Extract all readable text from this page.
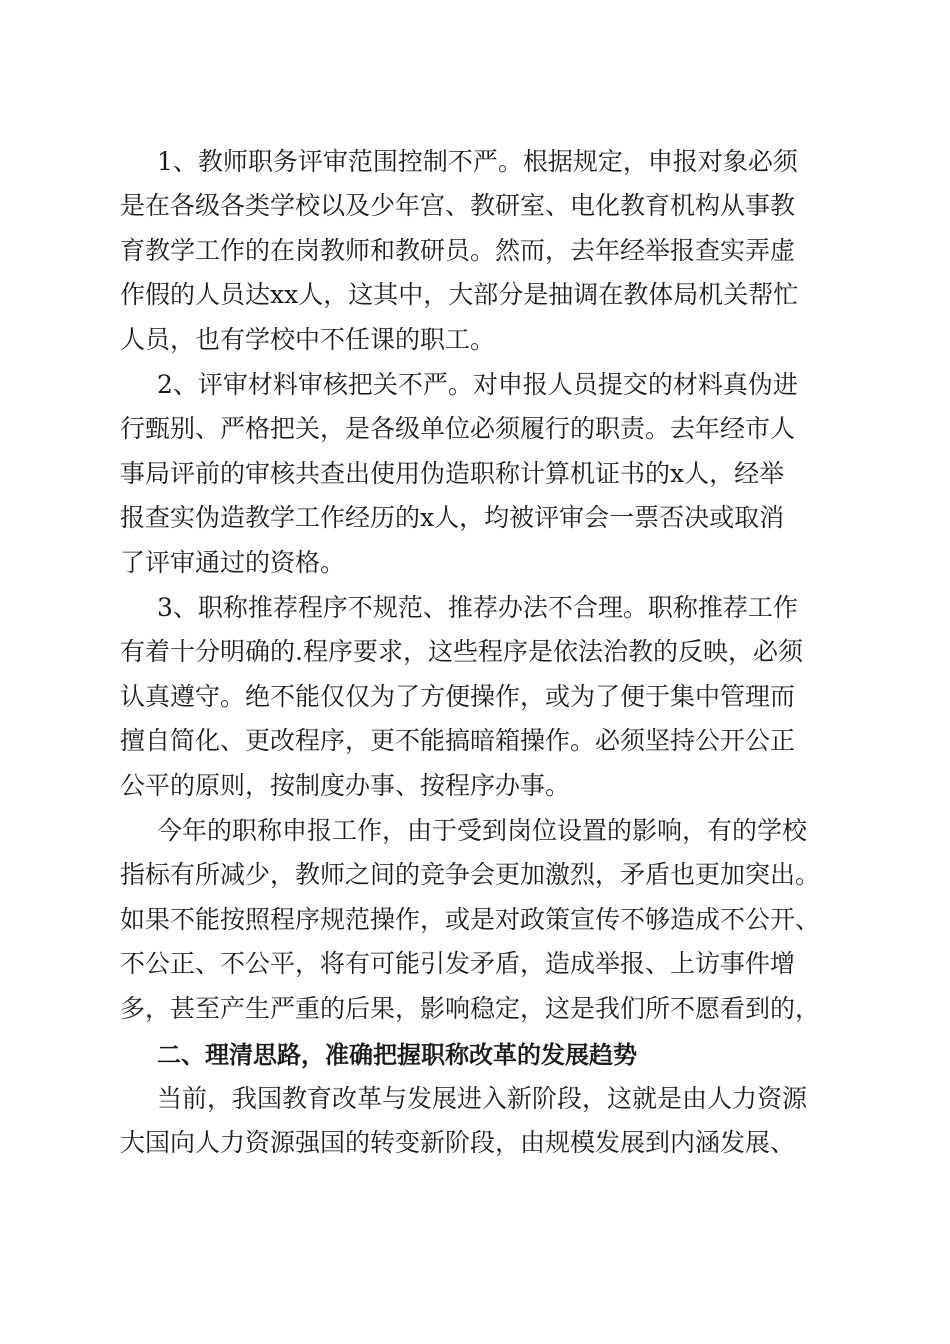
1、教师职务评审范围控制不严。根据规定，申报对象必须
是在各级各类学校以及少年宫、教研室、电化教育机构从事教
育教学工作的在岗教师和教研员。然而，去年经举报查实弄虚
作假的人员达xx人，这其中，大部分是抽调在教体局机关帮忙
人员，也有学校中不任课的职工。
2、评审材料审核把关不严。对申报人员提交的材料真伪进
行甄别、严格把关，是各级单位必须履行的职责。去年经市人
事局评前的审核共查出使用伪造职称计算机证书的x人，经举
报查实伪造教学工作经历的x人，均被评审会一票否决或取消
了评审通过的资格。
3、职称推荐程序不规范、推荐办法不合理。职称推荐工作
有着十分明确的.程序要求，这些程序是依法治教的反映，必须
认真遵守。绝不能仅仅为了方便操作，或为了便于集中管理而
擅自简化、更改程序，更不能搞暗箱操作。必须坚持公开公正
公平的原则，按制度办事、按程序办事。
今年的职称申报工作，由于受到岗位设置的影响，有的学校
指标有所减少，教师之间的竞争会更加激烈，矛盾也更加突出。
如果不能按照程序规范操作，或是对政策宣传不够造成不公开、
不公正、不公平，将有可能引发矛盾，造成举报、上访事件增
多，甚至产生严重的后果，影响稳定，这是我们所不愿看到的，
二、理清思路，准确把握职称改革的发展趋势
当前，我国教育改革与发展进入新阶段，这就是由人力资源
大国向人力资源强国的转变新阶段，由规模发展到内涵发展、
